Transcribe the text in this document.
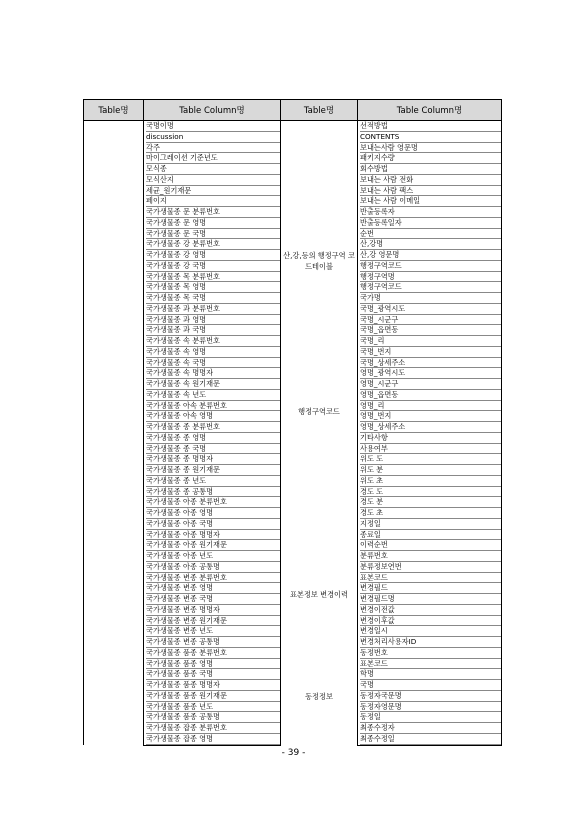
Table명	Table Column명	Table명	Table Column명

	국명이명		선적방법

	discussion		CONTENTS

	각주		보내는사람 영문명

	마이그레이션 기준년도		패키지수량

	모식종		회수방법

	모식산지		보내는 사람 전화

	세균_원기재문		보내는 사람 팩스

	페이지		보내는 사람 이메일

	국가생물종 문 분류번호		반출등록자

	국가생물종 문 영명		반출등록일자

	국가생물종 문 국명		순번

	국가생물종 강 분류번호	산,강,등의 행정구역 코드테이블	산,강명

	국가생물종 강 영명		산,강 영문명

	국가생물종 강 국명		행정구역코드

	국가생물종 목 분류번호		행정구역명

	국가생물종 목 영명	행정구역코드	행정구역코드

	국가생물종 목 국명		국가명

	국가생물종 과 분류번호		국명_광역시도

	국가생물종 과 영명		국명_시군구

	국가생물종 과 국명		국명_읍면동

	국가생물종 속 분류번호		국명_리

	국가생물종 속 영명		국명_번지

	국가생물종 속 국명		국명_상세주소

	국가생물종 속 명명자		영명_광역시도

	국가생물종 속 원기재문		영명_시군구

	국가생물종 속 년도		영명_읍면동

	국가생물종 아속 분류번호		영명_리

	국가생물종 아속 영명		영명_번지

	국가생물종 종 분류번호		영명_상세주소

	국가생물종 종 영명		기타사항

	국가생물종 종 국명		사용여부

	국가생물종 종 명명자		위도 도

	국가생물종 종 원기재문		위도 분

	국가생물종 종 년도		위도 초

	국가생물종 종 공통명		경도 도

	국가생물종 아종 분류번호		경도 분

	국가생물종 아종 영명		경도 초

	국가생물종 아종 국명		지정일

	국가생물종 아종 명명자		종료일

	국가생물종 아종 원기재문	표본정보 변경이력	이력순번

	국가생물종 아종 년도		분류번호

	국가생물종 아종 공통명		분류정보연번

	국가생물종 변종 분류번호		표본코드

	국가생물종 변종 영명		변경필드

	국가생물종 변종 국명		변경필드명

	국가생물종 변종 명명자		변경이전값

	국가생물종 변종 원기재문		변경이후값

	국가생물종 변종 년도		변경일시

	국가생물종 변종 공통명		변경처리사용자ID

	국가생물종 품종 분류번호	동정정보	동정번호

	국가생물종 품종 영명		표본코드

	국가생물종 품종 국명		학명

	국가생물종 품종 명명자		국명

	국가생물종 품종 원기재문		동정자국문명

	국가생물종 품종 년도		동정자영문명

	국가생물종 품종 공통명		동정일

	국가생물종 잡종 분류번호		최종수정자

	국가생물종 잡종 영명		최종수정일
- 39 -
